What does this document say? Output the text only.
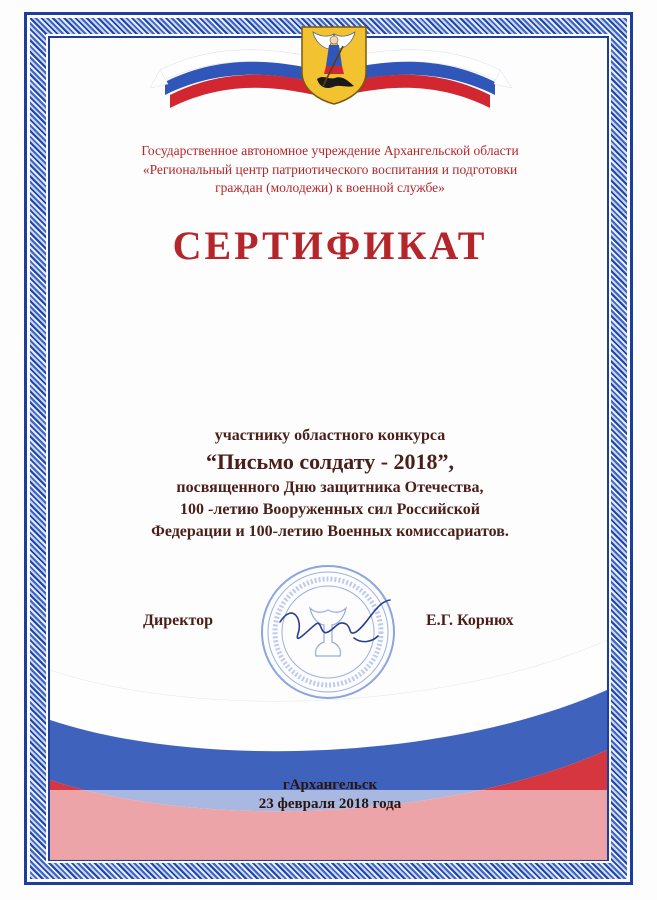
Государственное автономное учреждение Архангельской области
«Региональный центр патриотического воспитания и подготовки
граждан (молодежи) к военной службе»
СЕРТИФИКАТ
участнику областного конкурса
“Письмо солдату - 2018”,
посвященного Дню защитника Отечества,
100 -летию Вооруженных сил Российской
Федерации и 100-летию Военных комиссариатов.
Директор	Е.Г. Корнюх
гАрхангельск
23 февраля 2018 года
